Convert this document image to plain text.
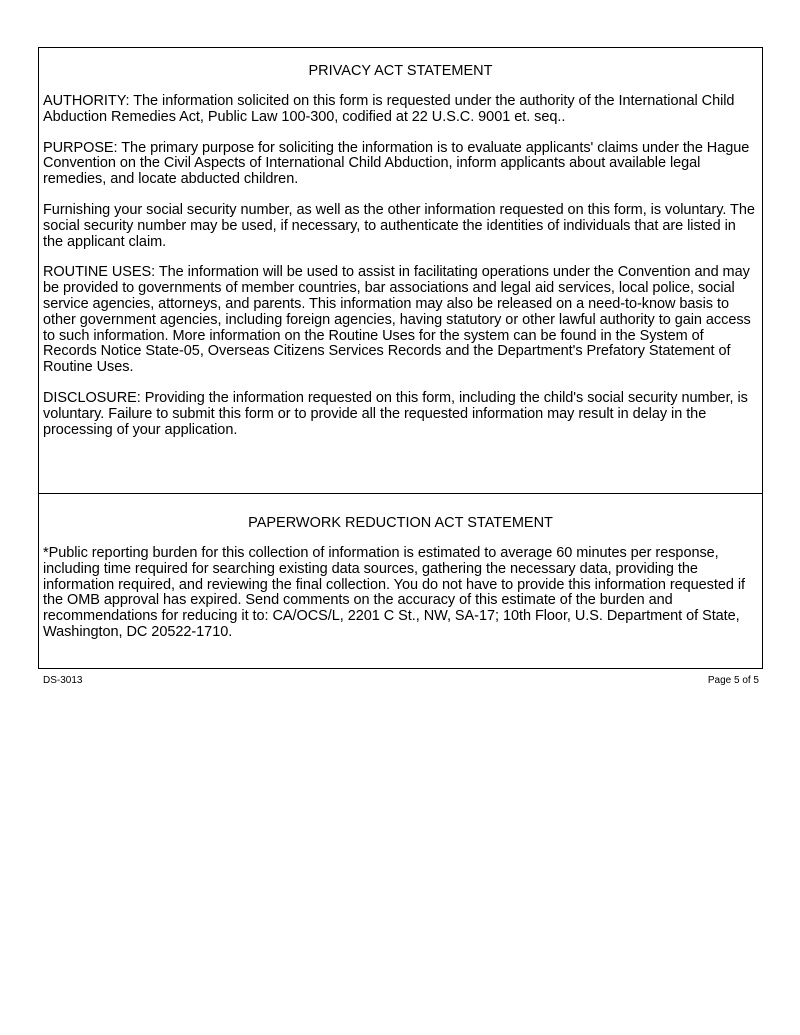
PRIVACY ACT STATEMENT

AUTHORITY: The information solicited on this form is requested under the authority of the International Child Abduction Remedies Act, Public Law 100-300, codified at 22 U.S.C. 9001 et. seq..

PURPOSE: The primary purpose for soliciting the information is to evaluate applicants' claims under the Hague Convention on the Civil Aspects of International Child Abduction, inform applicants about available legal remedies, and locate abducted children.

Furnishing your social security number, as well as the other information requested on this form, is voluntary. The social security number may be used, if necessary, to authenticate the identities of individuals that are listed in the applicant claim.

ROUTINE USES: The information will be used to assist in facilitating operations under the Convention and may be provided to governments of member countries, bar associations and legal aid services, local police, social service agencies, attorneys, and parents. This information may also be released on a need-to-know basis to other government agencies, including foreign agencies, having statutory or other lawful authority to gain access to such information. More information on the Routine Uses for the system can be found in the System of Records Notice State-05, Overseas Citizens Services Records and the Department's Prefatory Statement of Routine Uses.

DISCLOSURE: Providing the information requested on this form, including the child's social security number, is voluntary. Failure to submit this form or to provide all the requested information may result in delay in the processing of your application.

PAPERWORK REDUCTION ACT STATEMENT

*Public reporting burden for this collection of information is estimated to average 60 minutes per response, including time required for searching existing data sources, gathering the necessary data, providing the information required, and reviewing the final collection. You do not have to provide this information requested if the OMB approval has expired. Send comments on the accuracy of this estimate of the burden and recommendations for reducing it to: CA/OCS/L, 2201 C St., NW, SA-17; 10th Floor, U.S. Department of State, Washington, DC 20522-1710.

DS-3013	Page 5 of 5
